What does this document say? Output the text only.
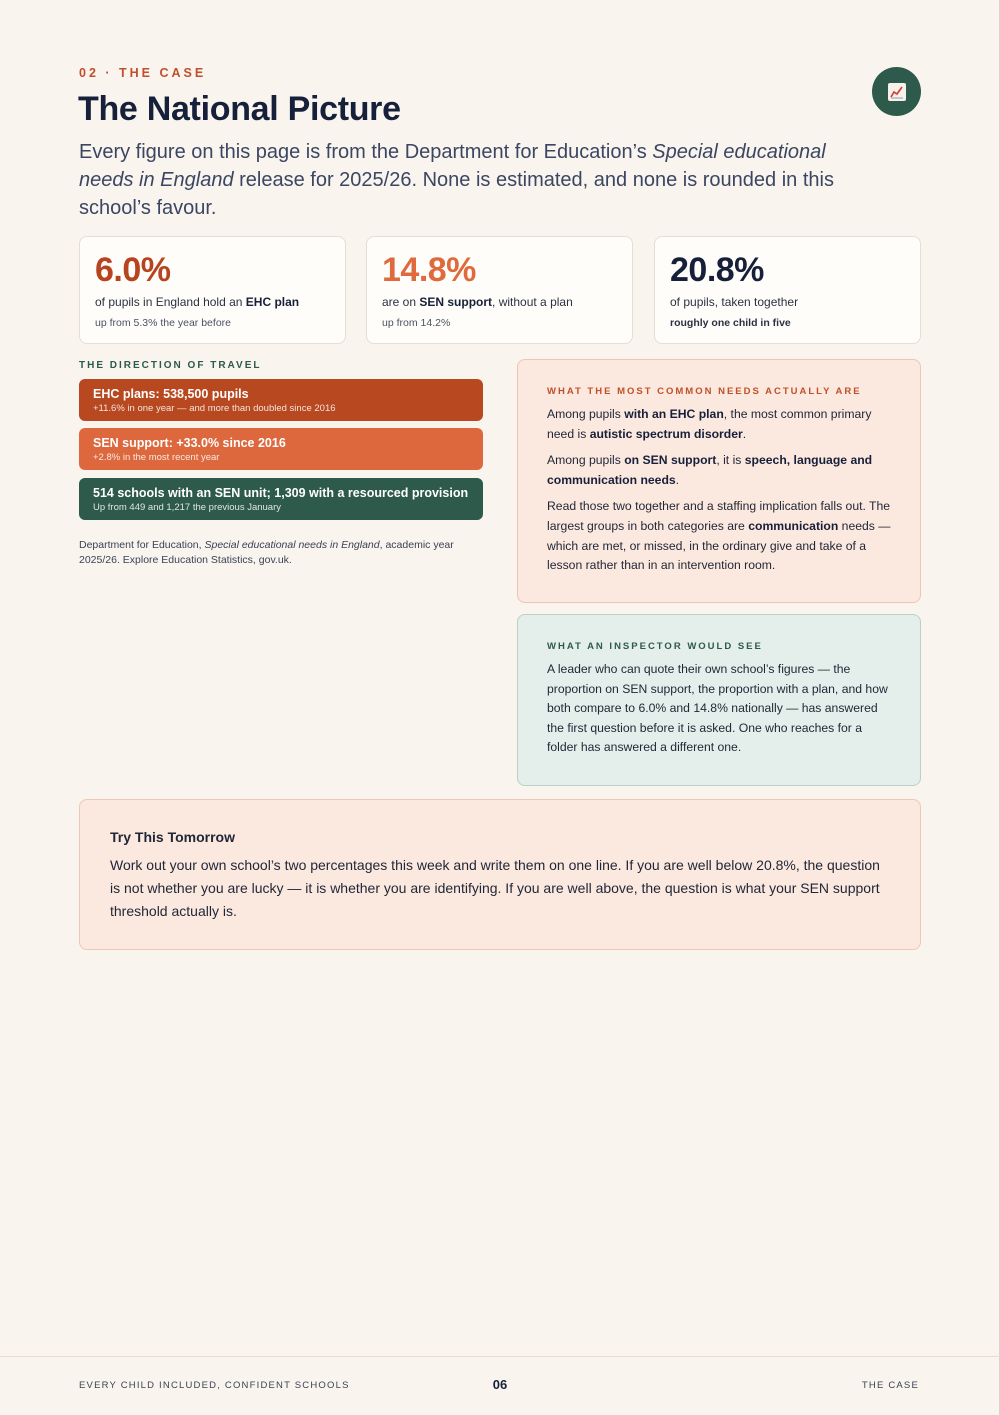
02 · THE CASE
The National Picture

Every figure on this page is from the Department for Education’s Special educational needs in England release for 2025/26. None is estimated, and none is rounded in this school’s favour.

6.0%
of pupils in England hold an EHC plan
up from 5.3% the year before
14.8%
are on SEN support, without a plan
up from 14.2%
20.8%
of pupils, taken together
roughly one child in five
THE DIRECTION OF TRAVEL
EHC plans: 538,500 pupils
+11.6% in one year — and more than doubled since 2016
SEN support: +33.0% since 2016
+2.8% in the most recent year
514 schools with an SEN unit; 1,309 with a resourced provision
Up from 449 and 1,217 the previous January

Department for Education, Special educational needs in England, academic year 2025/26. Explore Education Statistics, gov.uk.

WHAT THE MOST COMMON NEEDS ACTUALLY ARE

Among pupils with an EHC plan, the most common primary need is autistic spectrum disorder.

Among pupils on SEN support, it is speech, language and communication needs.

Read those two together and a staffing implication falls out. The largest groups in both categories are communication needs — which are met, or missed, in the ordinary give and take of a lesson rather than in an intervention room.

WHAT AN INSPECTOR WOULD SEE

A leader who can quote their own school’s figures — the proportion on SEN support, the proportion with a plan, and how both compare to 6.0% and 14.8% nationally — has answered the first question before it is asked. One who reaches for a folder has answered a different one.

Try This Tomorrow
Work out your own school’s two percentages this week and write them on one line. If you are well below 20.8%, the question is not whether you are lucky — it is whether you are identifying. If you are well above, the question is what your SEN support threshold actually is.
EVERY CHILD INCLUDED, CONFIDENT SCHOOLS	06	THE CASE
